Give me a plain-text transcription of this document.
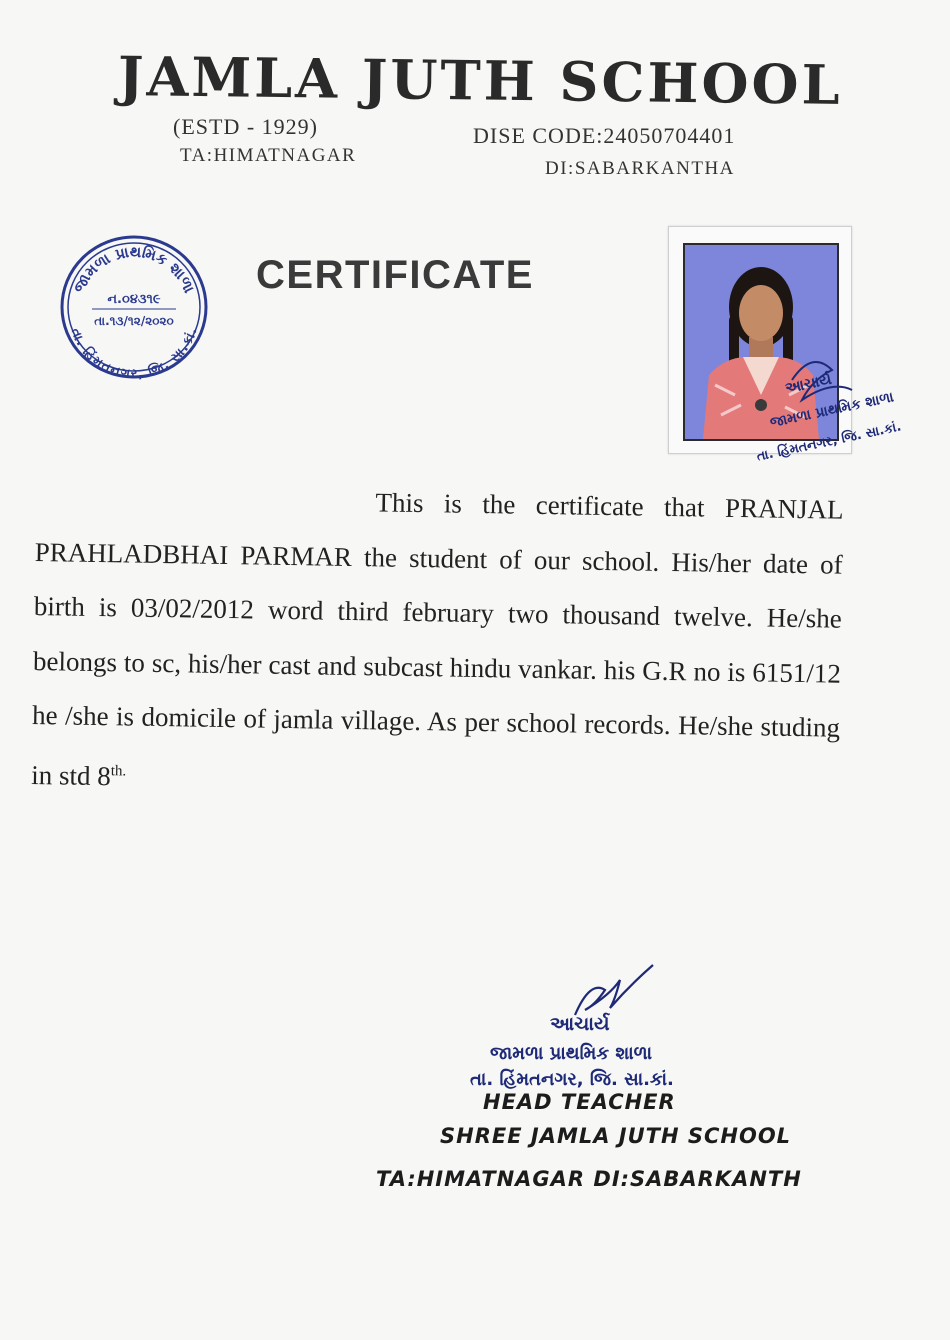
JAMLA JUTH SCHOOL
(ESTD - 1929)
TA:HIMATNAGAR
DISE CODE:24050704401
DI:SABARKANTHA
જામળા પ્રાથમિક શાળા
તા. હિંમતનગર, જિ. સા.કાં.
ન.૦૪૩૧૯
તા.૧૩/૧૨/૨૦૨૦
CERTIFICATE
આચાર્ય
જામળા પ્રાથમિક શાળા
તા. હિંમતનગર, જિ. સા.કાં.
This is the certificate that PRANJAL PRAHLADBHAI PARMAR the student of our school. His/her date of birth is 03/02/2012 word third february two thousand twelve. He/she belongs to sc, his/her cast and subcast hindu vankar. his G.R no is 6151/12 he /she is domicile of jamla village. As per school records. He/she studing in std $8^{th.}$
આચાર્ય
જામળા પ્રાથમિક શાળા
તા. હિંમતનગર, જિ. સા.કાં.
HEAD TEACHER
SHREE JAMLA JUTH SCHOOL
TA:HIMATNAGAR DI:SABARKANTH
